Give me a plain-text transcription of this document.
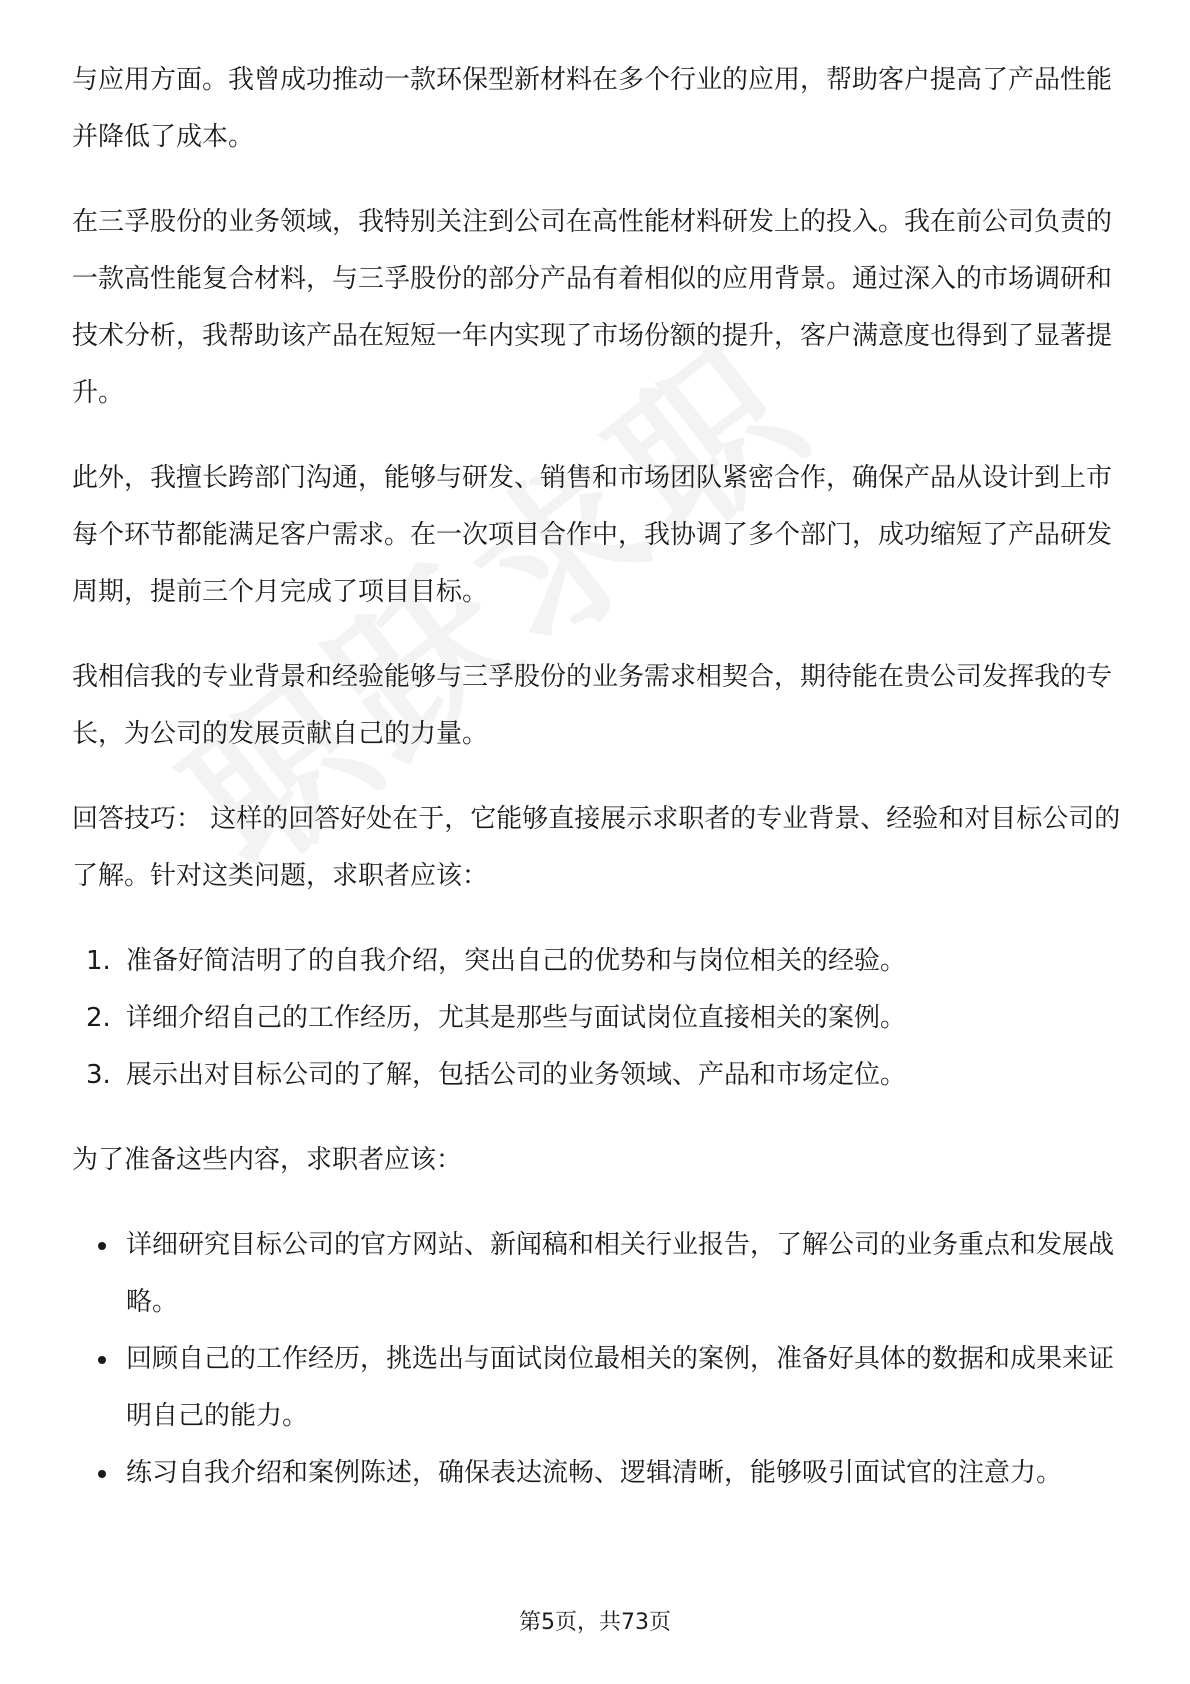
与应用方面。我曾成功推动一款环保型新材料在多个行业的应用，帮助客户提高了产品性能并降低了成本。

在三孚股份的业务领域，我特别关注到公司在高性能材料研发上的投入。我在前公司负责的一款高性能复合材料，与三孚股份的部分产品有着相似的应用背景。通过深入的市场调研和技术分析，我帮助该产品在短短一年内实现了市场份额的提升，客户满意度也得到了显著提升。

此外，我擅长跨部门沟通，能够与研发、销售和市场团队紧密合作，确保产品从设计到上市每个环节都能满足客户需求。在一次项目合作中，我协调了多个部门，成功缩短了产品研发周期，提前三个月完成了项目目标。

我相信我的专业背景和经验能够与三孚股份的业务需求相契合，期待能在贵公司发挥我的专长，为公司的发展贡献自己的力量。

回答技巧： 这样的回答好处在于，它能够直接展示求职者的专业背景、经验和对目标公司的了解。针对这类问题，求职者应该：

1. 准备好简洁明了的自我介绍，突出自己的优势和与岗位相关的经验。
2. 详细介绍自己的工作经历，尤其是那些与面试岗位直接相关的案例。
3. 展示出对目标公司的了解，包括公司的业务领域、产品和市场定位。

为了准备这些内容，求职者应该：

详细研究目标公司的官方网站、新闻稿和相关行业报告，了解公司的业务重点和发展战略。
回顾自己的工作经历，挑选出与面试岗位最相关的案例，准备好具体的数据和成果来证明自己的能力。
练习自我介绍和案例陈述，确保表达流畅、逻辑清晰，能够吸引面试官的注意力。
第5页，共73页
